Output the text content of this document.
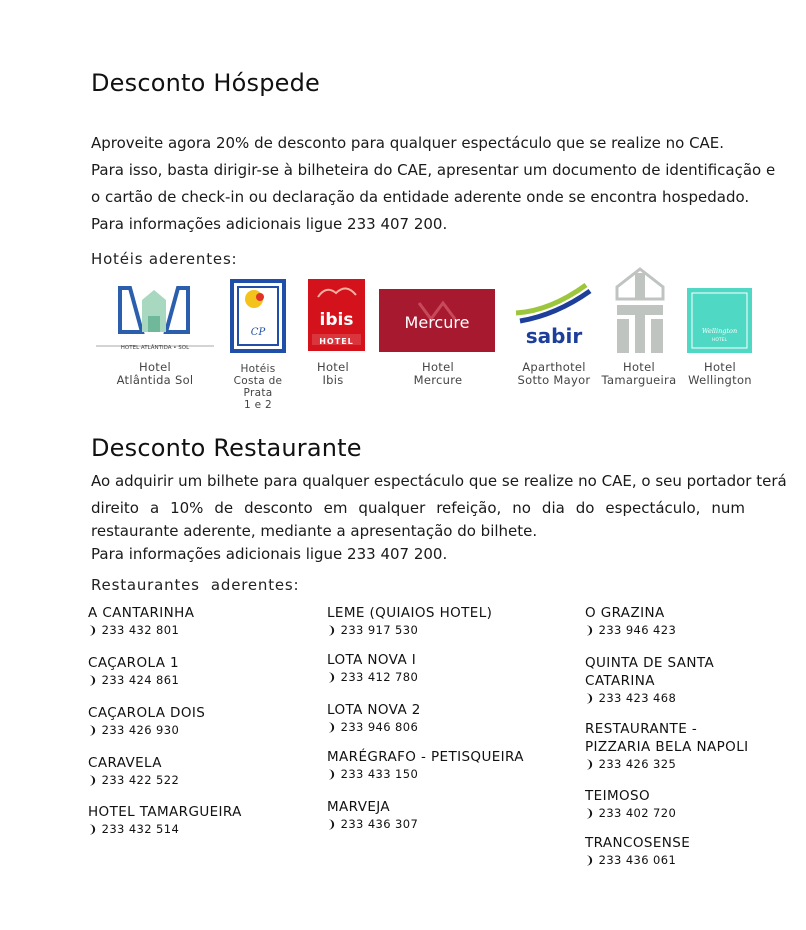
Desconto Hóspede
Aproveite agora 20% de desconto para qualquer espectáculo que se realize no CAE.
Para isso, basta dirigir-se à bilheteira do CAE, apresentar um documento de identificação e
o cartão de check-in ou declaração da entidade aderente onde se encontra hospedado.
Para informações adicionais ligue 233 407 200.
Hotéis aderentes:
HOTEL ATLÂNTIDA • SOL
CP
ibis
HOTEL
Mercure
sabir	Wellington
HOTEL
Hotel
Atlântida Sol
Hotéis
Costa de Prata
1 e 2
Hotel
Ibis
Hotel
Mercure
Aparthotel
Sotto Mayor
Hotel
Tamargueira
Hotel
Wellington
Desconto Restaurante
Ao adquirir um bilhete para qualquer espectáculo que se realize no CAE, o seu portador terá
direito a 10% de desconto em qualquer refeição, no dia do espectáculo, num
restaurante aderente, mediante a apresentação do bilhete.
Para informações adicionais ligue 233 407 200.
Restaurantes  aderentes:
A CANTARINHA
❩ 233 432 801
CAÇAROLA 1
❩ 233 424 861
CAÇAROLA DOIS
❩ 233 426 930
CARAVELA
❩ 233 422 522
HOTEL TAMARGUEIRA
❩ 233 432 514
LEME (QUIAIOS HOTEL)
❩ 233 917 530
LOTA NOVA I
❩ 233 412 780
LOTA NOVA 2
❩ 233 946 806
MARÉGRAFO - PETISQUEIRA
❩ 233 433 150
MARVEJA
❩ 233 436 307
O GRAZINA
❩ 233 946 423
QUINTA DE SANTA
CATARINA
❩ 233 423 468
RESTAURANTE -
PIZZARIA BELA NAPOLI
❩ 233 426 325
TEIMOSO
❩ 233 402 720
TRANCOSENSE
❩ 233 436 061
